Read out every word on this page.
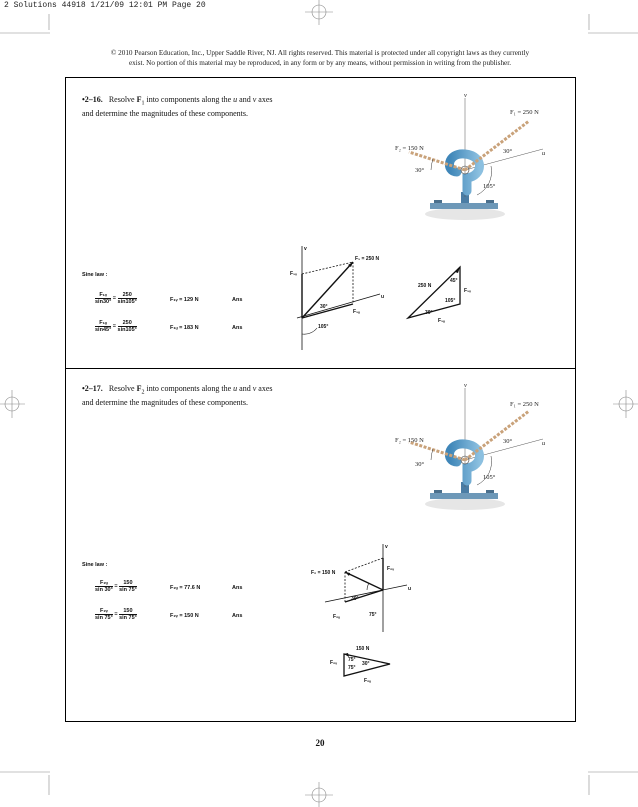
2 Solutions 44918 1/21/09 12:01 PM Page 20
© 2010 Pearson Education, Inc., Upper Saddle River, NJ. All rights reserved. This material is protected under all copyright laws as they currently
exist. No portion of this material may be reproduced, in any form or by any means, without permission in writing from the publisher.
•2–16. Resolve $F_1$ into components along the u and v axes
and determine the magnitudes of these components.
v
u
F₁ = 250 N
F₂ = 150 N	30°
30°
105°
Sine law :
$\frac{\text{F₁ᵥ}}{\sin 30^\circ} = \frac{250}{\sin 105^\circ}$	F₁ᵥ = 129 N	Ans
$\frac{\text{F₁ᵤ}}{\sin 45^\circ} = \frac{250}{\sin 105^\circ}$	F₁ᵤ = 183 N	Ans
F₁ = 250 N
v
u
F₁ᵥ
F₁ᵤ
30°
105°
250 N
45°
105°
30°
F₁ᵥ
F₁ᵤ
•2–17. Resolve $F_2$ into components along the u and v axes
and determine the magnitudes of these components.
v
u
F₁ = 250 N
F₂ = 150 N	30°
30°
105°
Sine law :
$\frac{\text{F₂ᵤ}}{\sin 30^\circ} = \frac{150}{\sin 75^\circ}$	F₂ᵤ = 77.6 N	Ans
$\frac{\text{F₂ᵥ}}{\sin 75^\circ} = \frac{150}{\sin 75^\circ}$	F₂ᵥ = 150 N	Ans
F₂ = 150 N
v
u
F₂ᵥ
F₂ᵤ
30°
75°
150 N
75°
75°
30°
F₂ᵥ
F₂ᵤ
20
